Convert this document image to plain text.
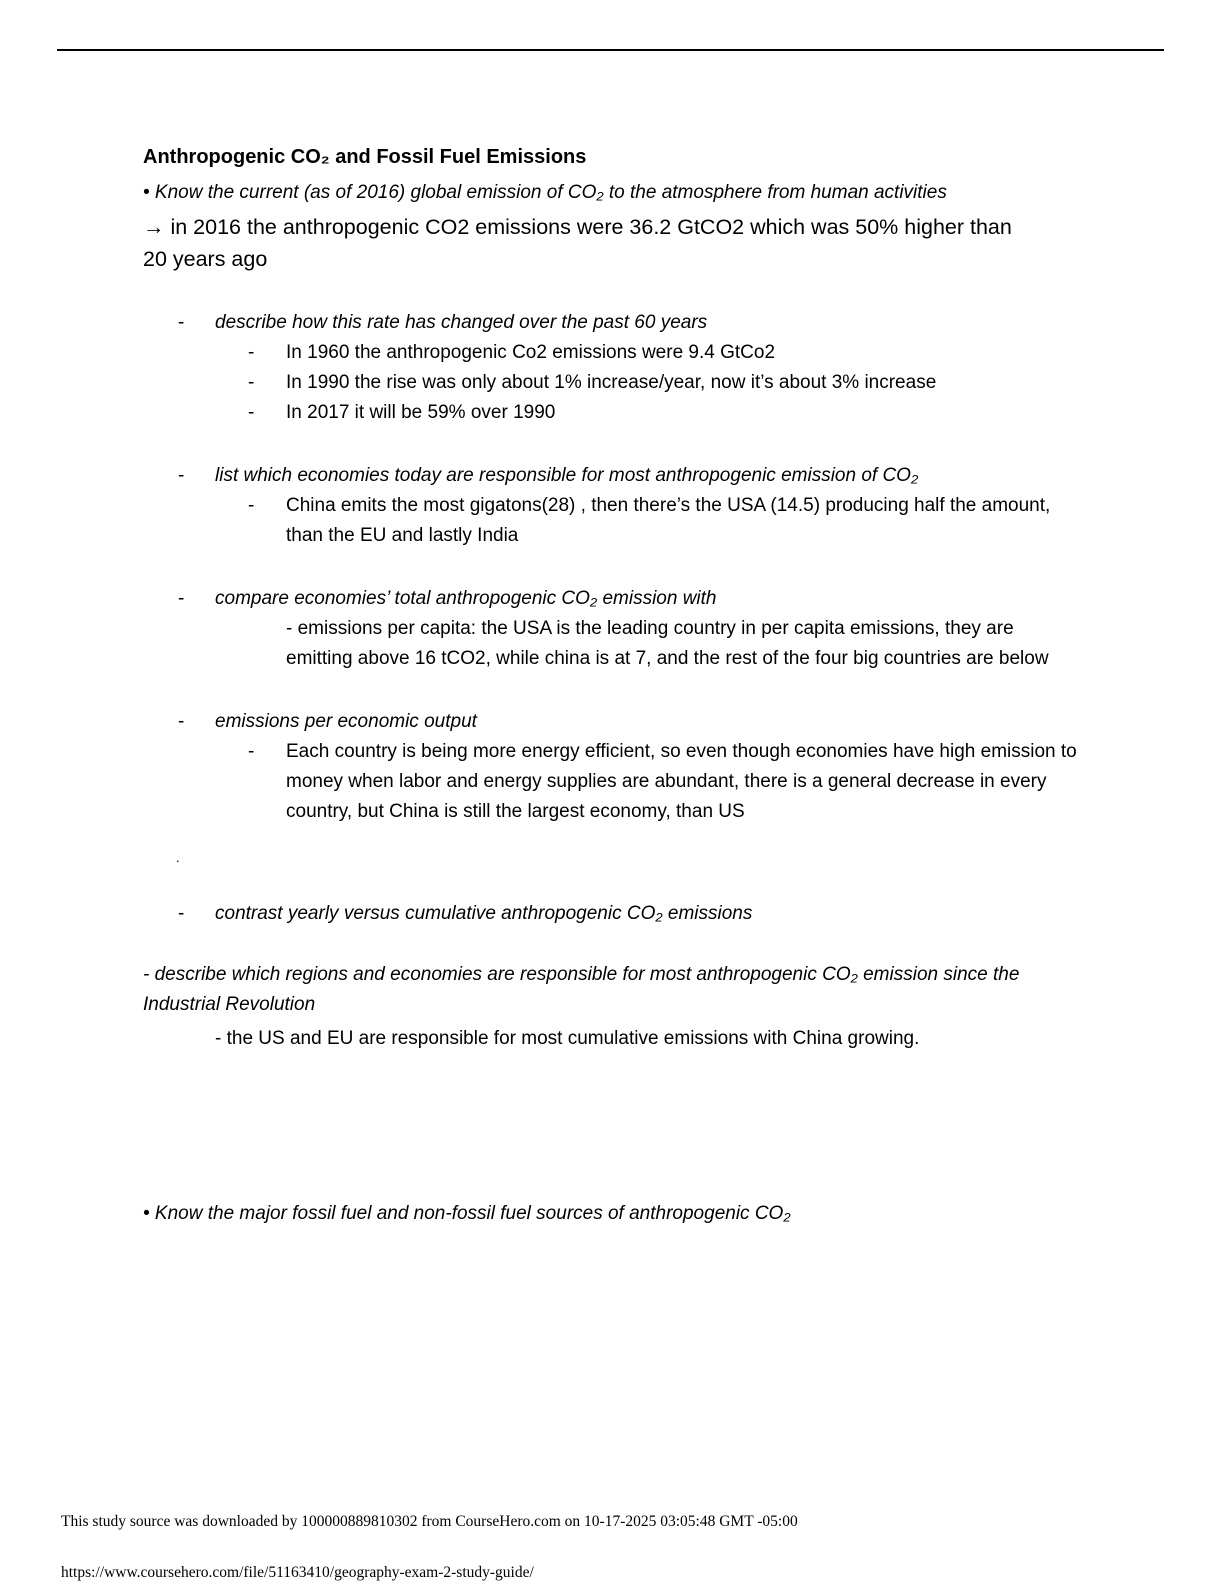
Anthropogenic CO₂ and Fossil Fuel Emissions

• Know the current (as of 2016) global emission of CO₂ to the atmosphere from human activities

→ in 2016 the anthropogenic CO2 emissions were 36.2 GtCO2 which was 50% higher than 20 years ago

-	describe how this rate has changed over the past 60 years
-	In 1960 the anthropogenic Co2 emissions were 9.4 GtCo2
-	In 1990 the rise was only about 1% increase/year, now it’s about 3% increase
-	In 2017 it will be 59% over 1990
-	list which economies today are responsible for most anthropogenic emission of CO₂
-	China emits the most gigatons(28) , then there’s the USA (14.5) producing half the amount, than the EU and lastly India
-	compare economies’ total anthropogenic CO₂ emission with

- emissions per capita: the USA is the leading country in per capita emissions, they are emitting above 16 tCO2, while china is at 7, and the rest of the four big countries are below

-	emissions per economic output
-	Each country is being more energy efficient, so even though economies have high emission to money when labor and energy supplies are abundant, there is a general decrease in every country, but China is still the largest economy, than US

.

-	contrast yearly versus cumulative anthropogenic CO₂ emissions

- describe which regions and economies are responsible for most anthropogenic CO₂ emission since the Industrial Revolution

- the US and EU are responsible for most cumulative emissions with China growing.

• Know the major fossil fuel and non-fossil fuel sources of anthropogenic CO₂

This study source was downloaded by 100000889810302 from CourseHero.com on 10-17-2025 03:05:48 GMT -05:00
https://www.coursehero.com/file/51163410/geography-exam-2-study-guide/
